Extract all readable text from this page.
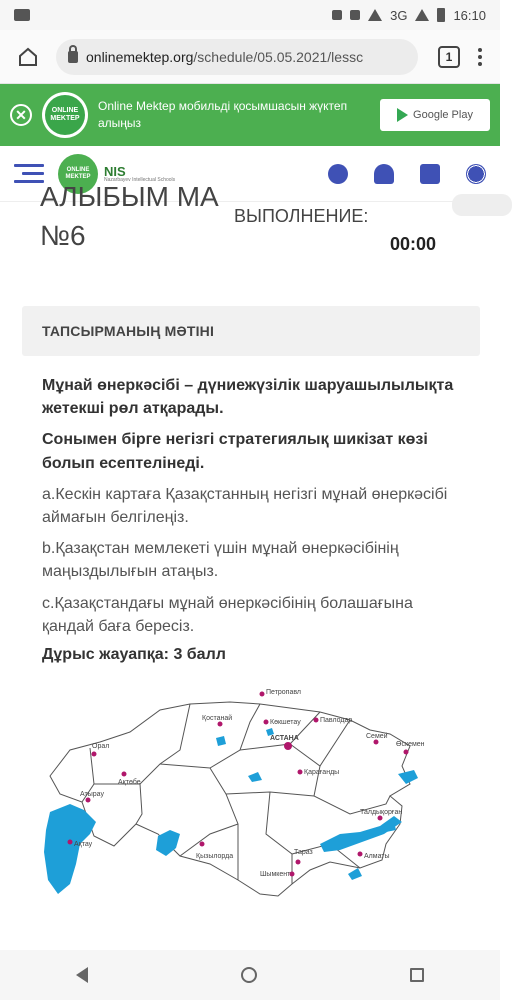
3G	16:10
onlinemektep.org /schedule/05.05.2021/lessc	1
✕	ONLINE
MEKTEP
Online Mektep мобильді қосымшасын жүктеп алыңыз
Google Play
ONLINE
MEKTEP NIS
Nazarbayev Intellectual Schools
АЛЫБЫМ МА
№6
ВЫПОЛНЕНИЕ:
00:00
ТАПСЫРМАНЫҢ МӘТІНІ

Мұнай өнеркәсібі – дүниежүзілік шаруашылылықта жетекші рөл атқарады.

Сонымен бірге негізгі стратегиялық шикізат көзі болып есептелінеді.

a.Кескін картаға Қазақстанның негізгі мұнай өнеркәсібі аймағын белгілеңіз.

b.Қазақстан мемлекеті үшін мұнай өнеркәсібінің маңыздылығын атаңыз.

c.Қазақстандағы мұнай өнеркәсібінің болашағына қандай баға бересіз.

Дұрыс жауапқа: 3 балл

Орал
Ақтөбе
Атырау
Ақтау
Қостанай
Петропавл
Көкшетау	Павлодар
АСТАНА	Семей
Өскемен
Қарағанды
Қызылорда
Талдықорған
Тараз
Шымкент
Алматы
